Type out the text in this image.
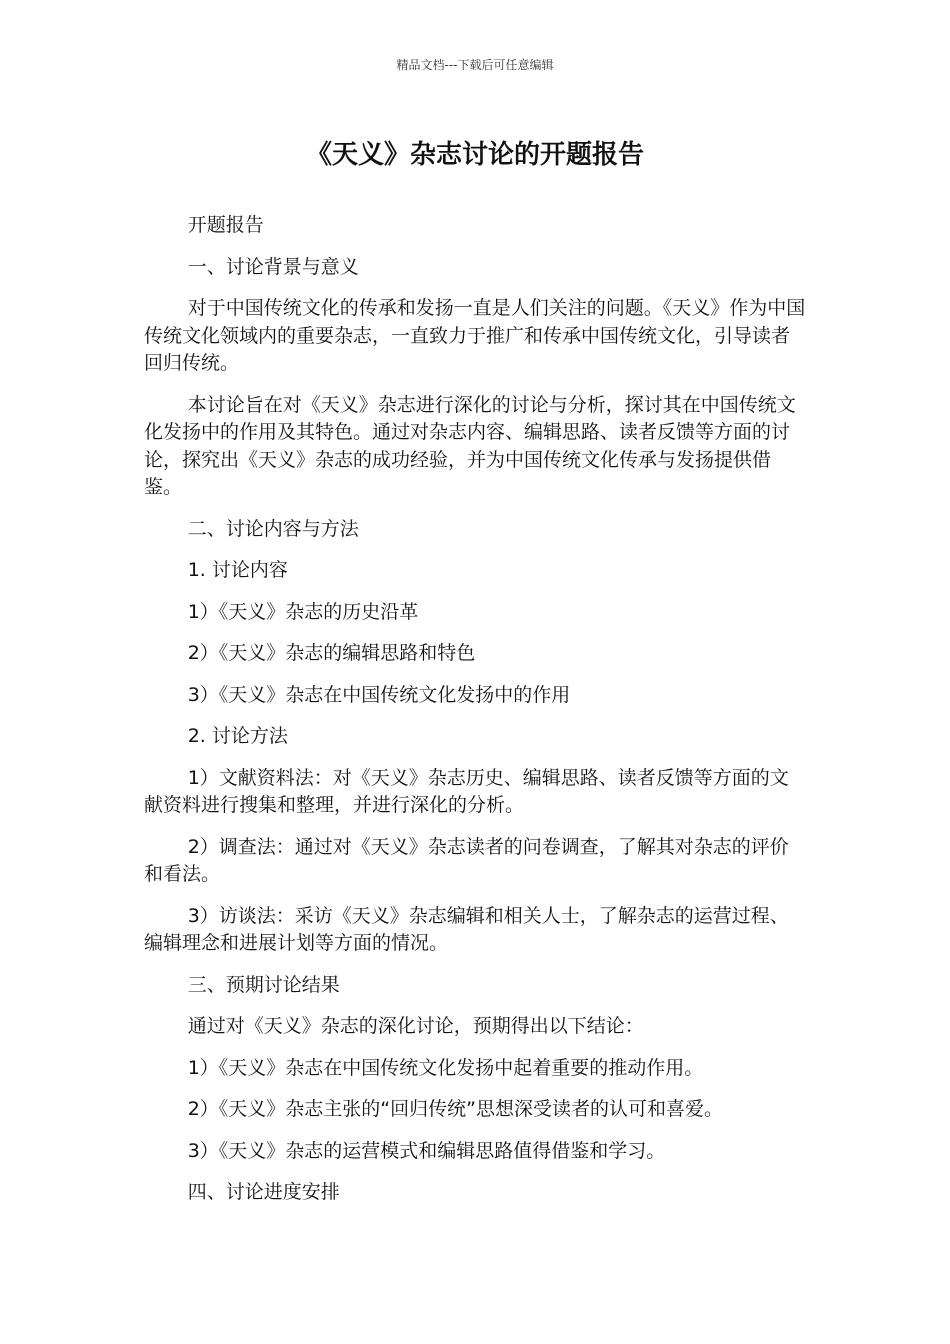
精品文档---下载后可任意编辑
《天义》杂志讨论的开题报告

开题报告

一、讨论背景与意义

对于中国传统文化的传承和发扬一直是人们关注的问题。《天义》作为中国传统文化领域内的重要杂志，一直致力于推广和传承中国传统文化，引导读者回归传统。

本讨论旨在对《天义》杂志进行深化的讨论与分析，探讨其在中国传统文化发扬中的作用及其特色。通过对杂志内容、编辑思路、读者反馈等方面的讨论，探究出《天义》杂志的成功经验，并为中国传统文化传承与发扬提供借鉴。

二、讨论内容与方法

1. 讨论内容

1）《天义》杂志的历史沿革

2）《天义》杂志的编辑思路和特色

3）《天义》杂志在中国传统文化发扬中的作用

2. 讨论方法

1）文献资料法：对《天义》杂志历史、编辑思路、读者反馈等方面的文献资料进行搜集和整理，并进行深化的分析。

2）调查法：通过对《天义》杂志读者的问卷调查，了解其对杂志的评价和看法。

3）访谈法：采访《天义》杂志编辑和相关人士，了解杂志的运营过程、编辑理念和进展计划等方面的情况。

三、预期讨论结果

通过对《天义》杂志的深化讨论，预期得出以下结论：

1）《天义》杂志在中国传统文化发扬中起着重要的推动作用。

2）《天义》杂志主张的“回归传统”思想深受读者的认可和喜爱。

3）《天义》杂志的运营模式和编辑思路值得借鉴和学习。

四、讨论进度安排
